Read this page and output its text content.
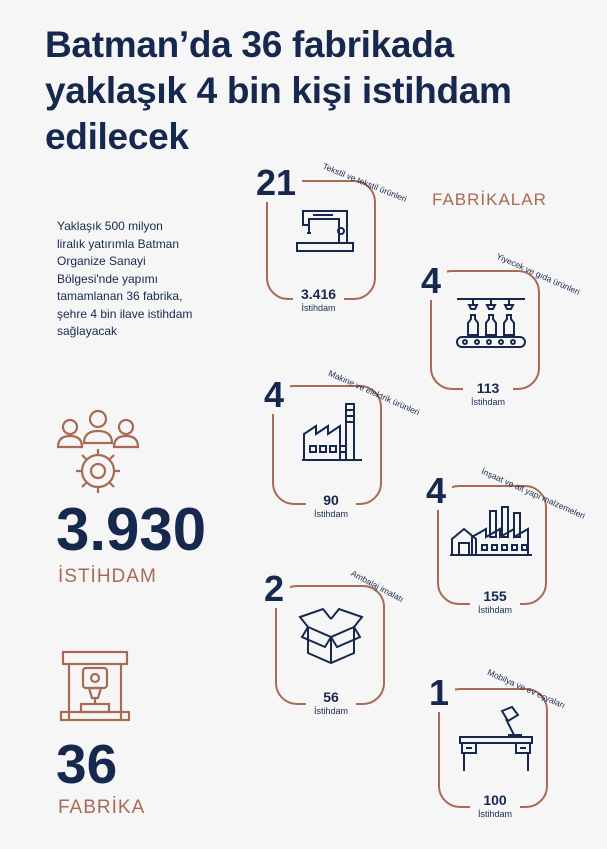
Batman’da 36 fabrikada
yaklaşık 4 bin kişi istihdam
edilecek
FABRİKALAR
Yaklaşık 500 milyon
liralık yatırımla Batman
Organize Sanayi
Bölgesi'nde yapımı
tamamlanan 36 fabrika,
şehre 4 bin ilave istihdam
sağlayacak
3.930
İSTİHDAM
36
FABRİKA
21	Tekstil ve tekstil ürünleri
3.416
İstihdam
4	Yiyecek ve gıda ürünleri
113
İstihdam
4	Makine ve elektrik ürünleri
90
İstihdam
4	İnşaat ve alt yapı malzemeleri
155
İstihdam
2	Ambalaj imalatı
56
İstihdam 1	Mobilya ve ev eşyaları
100
İstihdam
